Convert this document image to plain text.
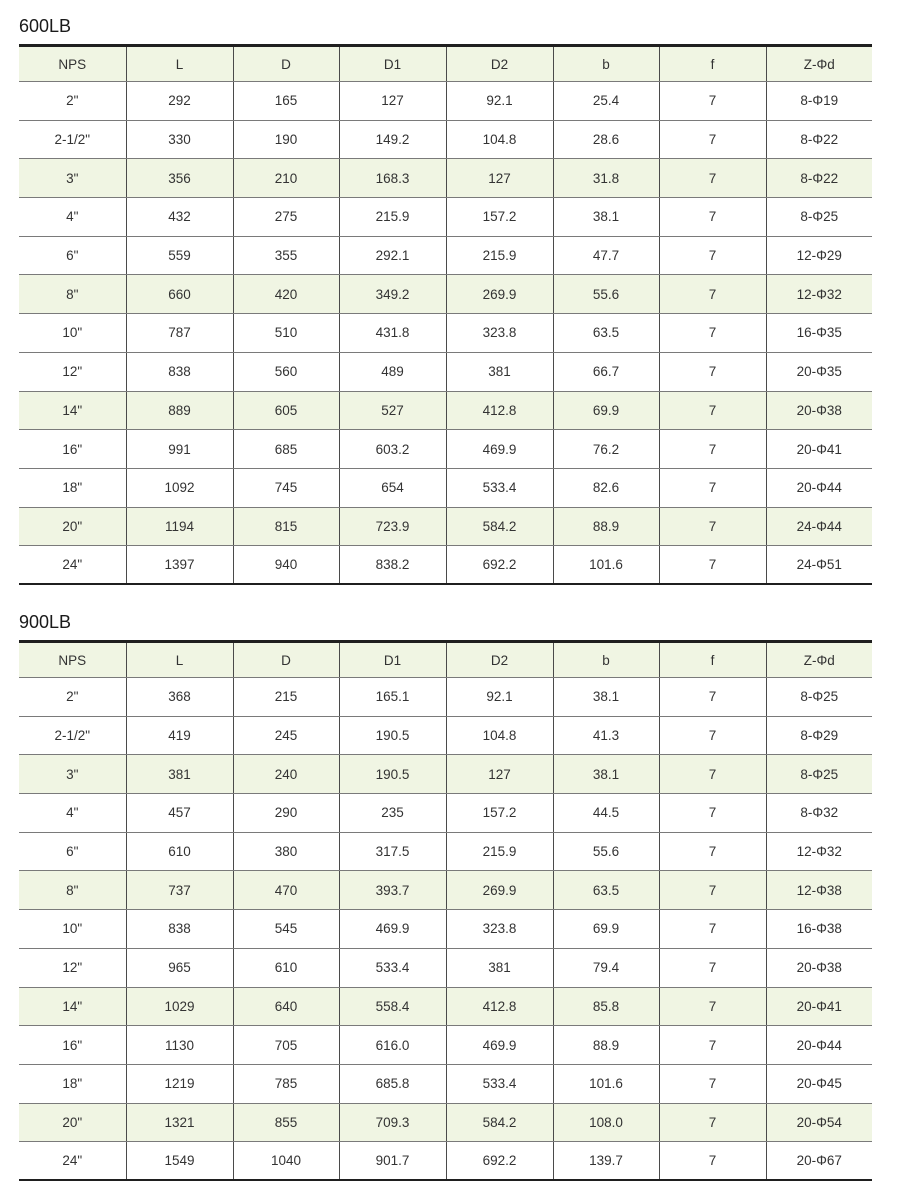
600LB
NPS	L	D	D1	D2	b	f	Z-Φd
2"	292	165	127	92.1	25.4	7	8-Φ19
2-1/2"	330	190	149.2	104.8	28.6	7	8-Φ22
3"	356	210	168.3	127	31.8	7	8-Φ22
4"	432	275	215.9	157.2	38.1	7	8-Φ25
6"	559	355	292.1	215.9	47.7	7	12-Φ29
8"	660	420	349.2	269.9	55.6	7	12-Φ32
10"	787	510	431.8	323.8	63.5	7	16-Φ35
12"	838	560	489	381	66.7	7	20-Φ35
14"	889	605	527	412.8	69.9	7	20-Φ38
16"	991	685	603.2	469.9	76.2	7	20-Φ41
18"	1092	745	654	533.4	82.6	7	20-Φ44
20"	1194	815	723.9	584.2	88.9	7	24-Φ44
24"	1397	940	838.2	692.2	101.6	7	24-Φ51
900LB
NPS	L	D	D1	D2	b	f	Z-Φd
2"	368	215	165.1	92.1	38.1	7	8-Φ25
2-1/2"	419	245	190.5	104.8	41.3	7	8-Φ29
3"	381	240	190.5	127	38.1	7	8-Φ25
4"	457	290	235	157.2	44.5	7	8-Φ32
6"	610	380	317.5	215.9	55.6	7	12-Φ32
8"	737	470	393.7	269.9	63.5	7	12-Φ38
10"	838	545	469.9	323.8	69.9	7	16-Φ38
12"	965	610	533.4	381	79.4	7	20-Φ38
14"	1029	640	558.4	412.8	85.8	7	20-Φ41
16"	1130	705	616.0	469.9	88.9	7	20-Φ44
18"	1219	785	685.8	533.4	101.6	7	20-Φ45
20"	1321	855	709.3	584.2	108.0	7	20-Φ54
24"	1549	1040	901.7	692.2	139.7	7	20-Φ67
